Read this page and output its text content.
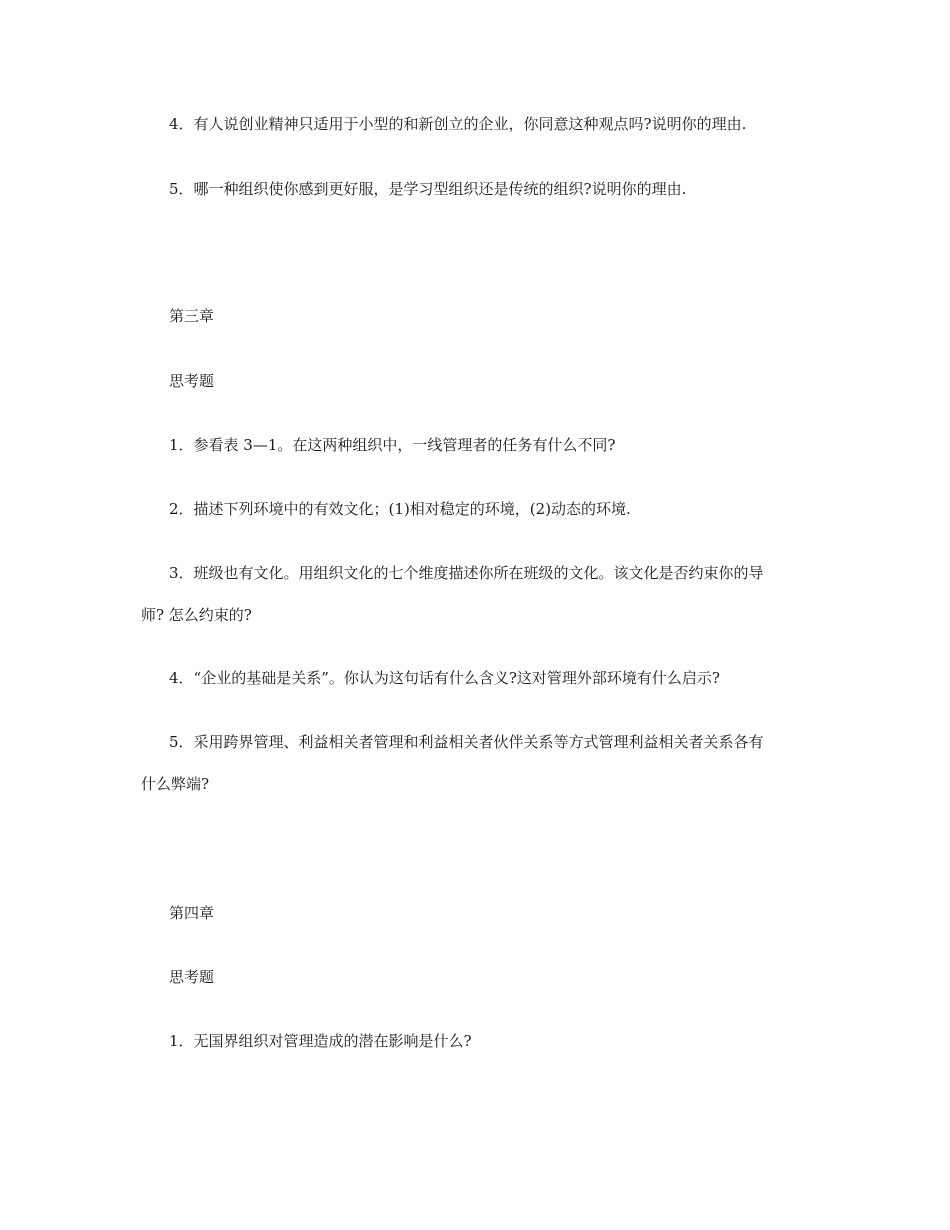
4．有人说创业精神只适用于小型的和新创立的企业，你同意这种观点吗?说明你的理由.
5．哪一种组织使你感到更好服，是学习型组织还是传统的组织?说明你的理由.
第三章
思考题
1．参看表 3—1。在这两种组织中，一线管理者的任务有什么不同?
2．描述下列环境中的有效文化；(1)相对稳定的环境，(2)动态的环境.
3．班级也有文化。用组织文化的七个维度描述你所在班级的文化。该文化是否约束你的导
师? 怎么约束的?
4．“企业的基础是关系”。你认为这句话有什么含义?这对管理外部环境有什么启示?
5．采用跨界管理、利益相关者管理和利益相关者伙伴关系等方式管理利益相关者关系各有
什么弊端?
第四章
思考题
1．无国界组织对管理造成的潜在影响是什么?
